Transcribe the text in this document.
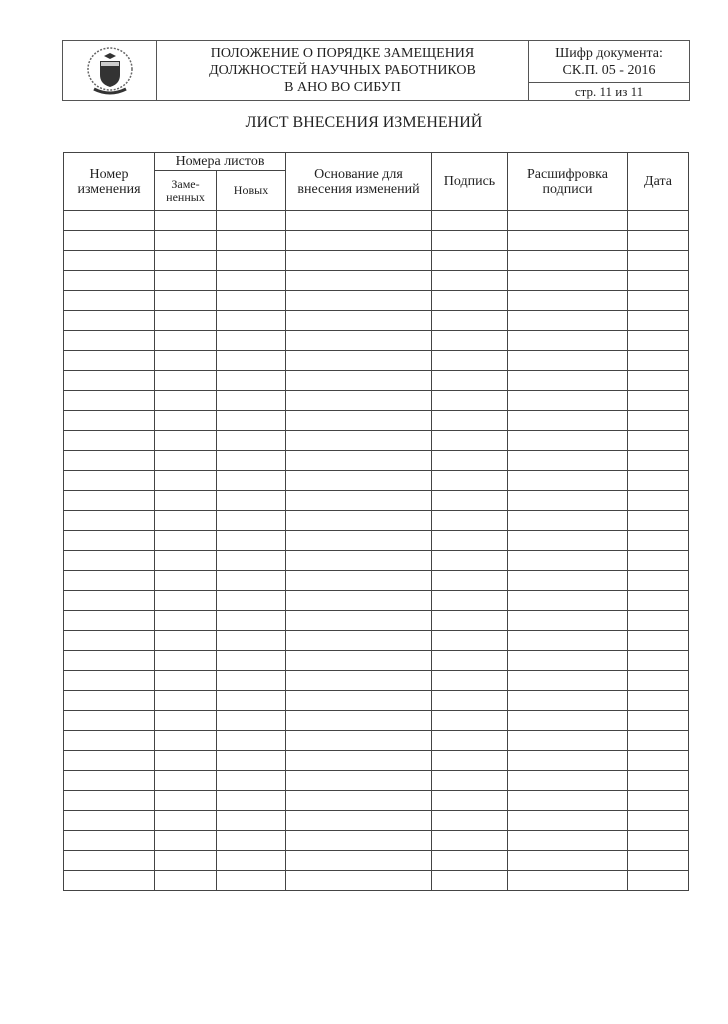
ПОЛОЖЕНИЕ О ПОРЯДКЕ ЗАМЕЩЕНИЯ
ДОЛЖНОСТЕЙ НАУЧНЫХ РАБОТНИКОВ
В АНО ВО СИБУП
Шифр документа:
СК.П. 05 - 2016
стр. 11 из 11
ЛИСТ ВНЕСЕНИЯ ИЗМЕНЕНИЙ
Номер изменения	Номера листов		Основание для внесения изменений	Подпись	Расшифровка подписи	Дата
	Заме-ненных	Новых				
